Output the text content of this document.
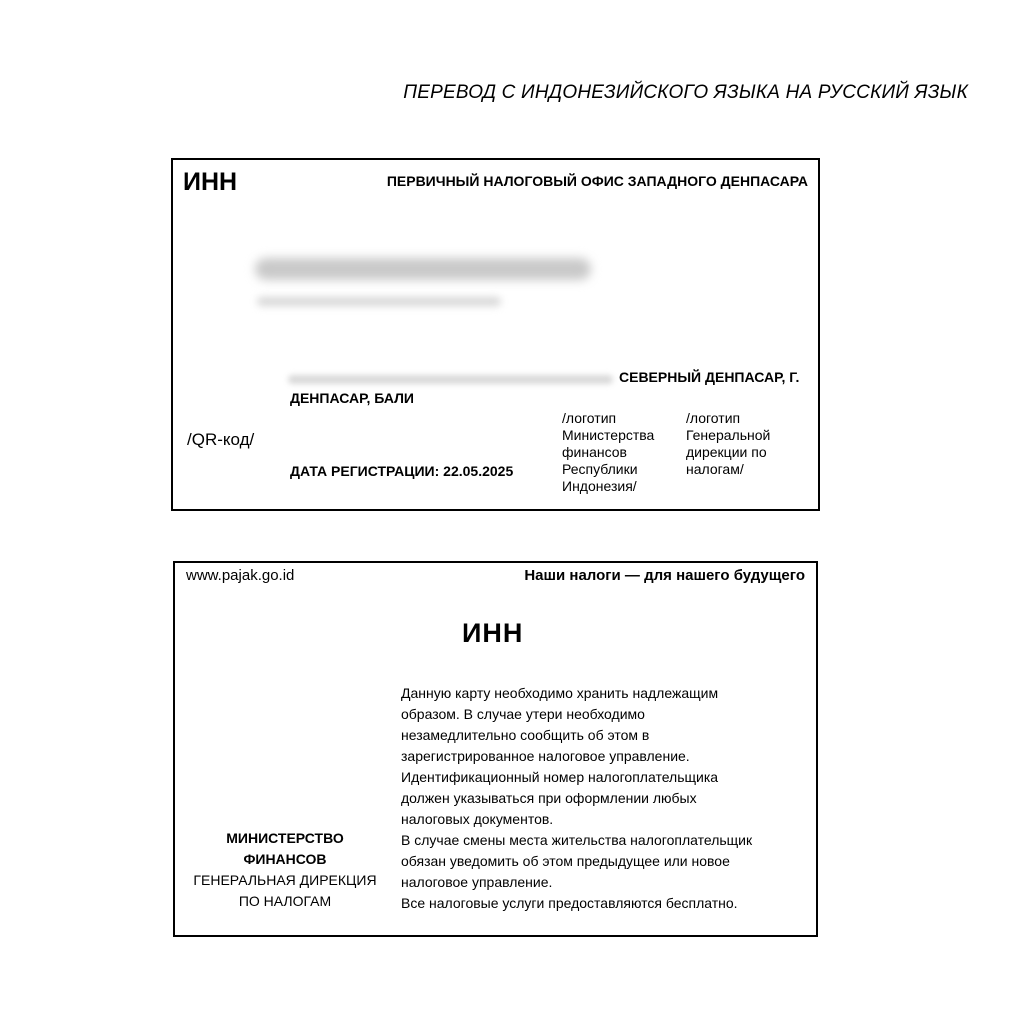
ПЕРЕВОД С ИНДОНЕЗИЙСКОГО ЯЗЫКА НА РУССКИЙ ЯЗЫК
ИНН	ПЕРВИЧНЫЙ НАЛОГОВЫЙ ОФИС ЗАПАДНОГО ДЕНПАСАРА
СЕВЕРНЫЙ ДЕНПАСАР, Г.
ДЕНПАСАР, БАЛИ
/QR-код/
ДАТА РЕГИСТРАЦИИ: 22.05.2025
/логотип
Министерства
финансов
Республики
Индонезия/
/логотип
Генеральной
дирекции по
налогам/
www.pajak.go.id	Наши налоги — для нашего будущего
ИНН
МИНИСТЕРСТВО
ФИНАНСОВ
ГЕНЕРАЛЬНАЯ ДИРЕКЦИЯ
ПО НАЛОГАМ
Данную карту необходимо хранить надлежащим
образом. В случае утери необходимо
незамедлительно сообщить об этом в
зарегистрированное налоговое управление.
Идентификационный номер налогоплательщика
должен указываться при оформлении любых
налоговых документов.
В случае смены места жительства налогоплательщик
обязан уведомить об этом предыдущее или новое
налоговое управление.
Все налоговые услуги предоставляются бесплатно.
